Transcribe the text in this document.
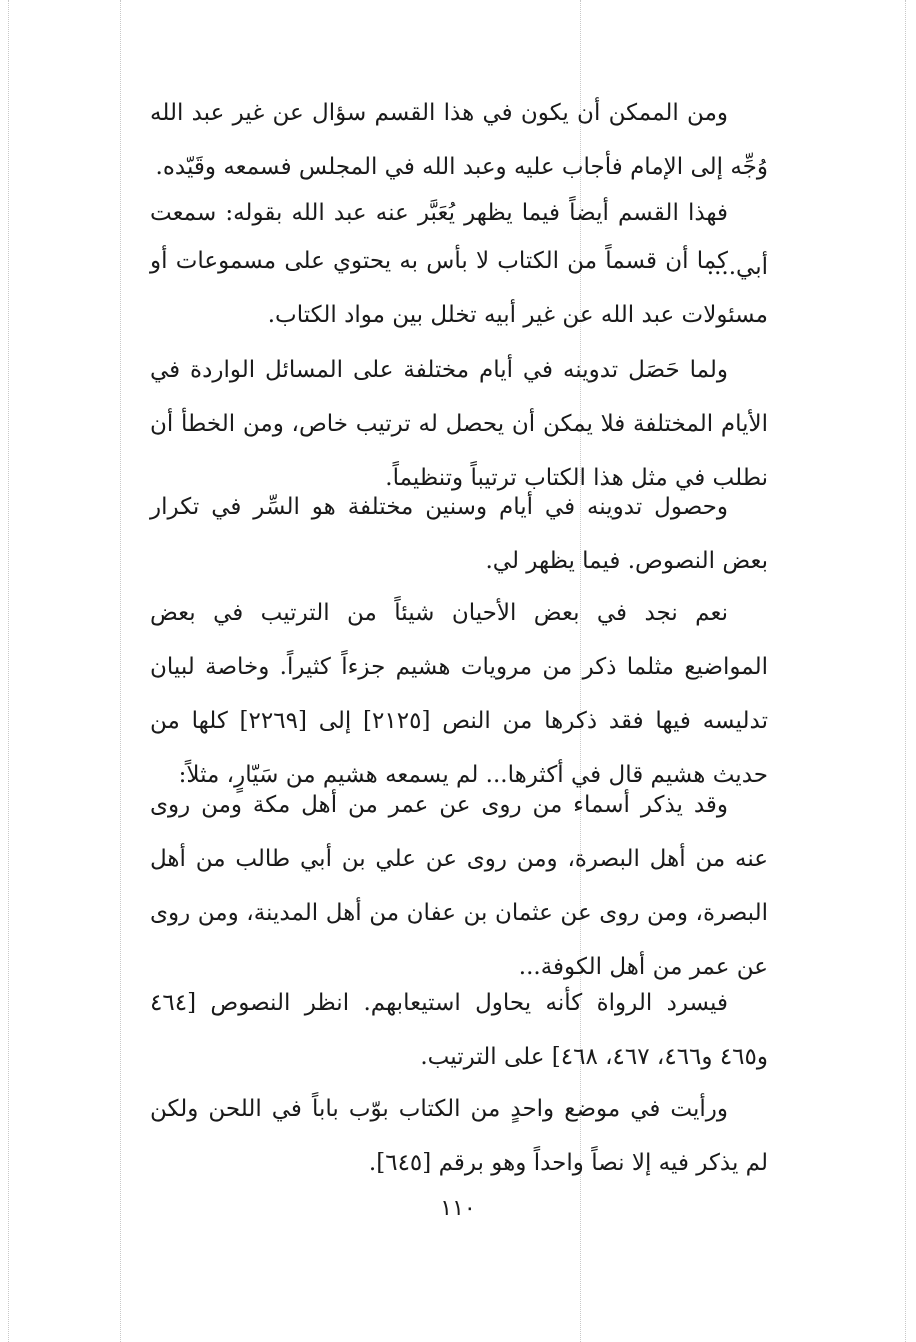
ومن الممكن أن يكون في هذا القسم سؤال عن غير عبد الله وُجِّه إلى الإمام فأجاب عليه وعبد الله في المجلس فسمعه وقَيّده.

فهذا القسم أيضاً فيما يظهر يُعَبَّر عنه عبد الله بقوله: سمعت أبي....

كما أن قسماً من الكتاب لا بأس به يحتوي على مسموعات أو مسئولات عبد الله عن غير أبيه تخلل بين مواد الكتاب.

ولما حَصَل تدوينه في أيام مختلفة على المسائل الواردة في الأيام المختلفة فلا يمكن أن يحصل له ترتيب خاص، ومن الخطأ أن نطلب في مثل هذا الكتاب ترتيباً وتنظيماً.

وحصول تدوينه في أيام وسنين مختلفة هو السِّر في تكرار بعض النصوص. فيما يظهر لي.

نعم نجد في بعض الأحيان شيئاً من الترتيب في بعض المواضيع مثلما ذكر من مرويات هشيم جزءاً كثيراً. وخاصة لبيان تدليسه فيها فقد ذكرها من النص [٢١٢٥] إلى [٢٢٦٩] كلها من حديث هشيم قال في أكثرها... لم يسمعه هشيم من سَيّارٍ، مثلاً:

وقد يذكر أسماء من روى عن عمر من أهل مكة ومن روى عنه من أهل البصرة، ومن روى عن علي بن أبي طالب من أهل البصرة، ومن روى عن عثمان بن عفان من أهل المدينة، ومن روى عن عمر من أهل الكوفة...

فيسرد الرواة كأنه يحاول استيعابهم. انظر النصوص [٤٦٤ و٤٦٥ و٤٦٦، ٤٦٧، ٤٦٨] على الترتيب.

ورأيت في موضع واحدٍ من الكتاب بوّب باباً في اللحن ولكن لم يذكر فيه إلا نصاً واحداً وهو برقم [٦٤٥].

١١٠
